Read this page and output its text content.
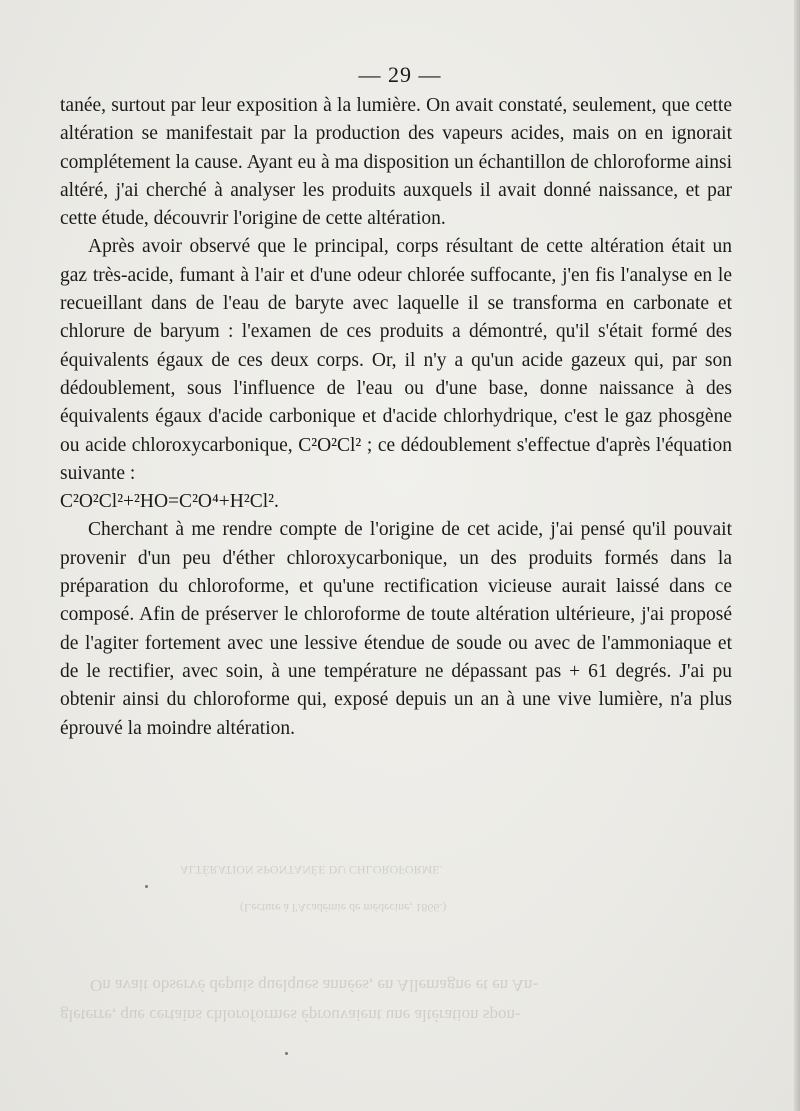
— 29 —

tanée, surtout par leur exposition à la lumière. On avait constaté, seulement, que cette altération se manifestait par la production des vapeurs acides, mais on en ignorait complétement la cause. Ayant eu à ma disposition un échantillon de chloroforme ainsi altéré, j'ai cherché à analyser les produits auxquels il avait donné naissance, et par cette étude, découvrir l'origine de cette altération.

Après avoir observé que le principal, corps résultant de cette altération était un gaz très-acide, fumant à l'air et d'une odeur chlorée suffocante, j'en fis l'analyse en le recueillant dans de l'eau de baryte avec laquelle il se transforma en carbonate et chlorure de baryum : l'examen de ces produits a démontré, qu'il s'était formé des équivalents égaux de ces deux corps. Or, il n'y a qu'un acide gazeux qui, par son dédoublement, sous l'influence de l'eau ou d'une base, donne naissance à des équivalents égaux d'acide carbonique et d'acide chlorhydrique, c'est le gaz phosgène ou acide chloroxycarbonique, C²O²Cl² ; ce dédoublement s'effectue d'après l'équation suivante :

C²O²Cl²+²HO=C²O⁴+H²Cl².

Cherchant à me rendre compte de l'origine de cet acide, j'ai pensé qu'il pouvait provenir d'un peu d'éther chloroxycarbonique, un des produits formés dans la préparation du chloroforme, et qu'une rectification vicieuse aurait laissé dans ce composé. Afin de préserver le chloroforme de toute altération ultérieure, j'ai proposé de l'agiter fortement avec une lessive étendue de soude ou avec de l'ammoniaque et de le rectifier, avec soin, à une température ne dépassant pas + 61 degrés. J'ai pu obtenir ainsi du chloroforme qui, exposé depuis un an à une vive lumière, n'a plus éprouvé la moindre altération.

ALTÉRATION SPONTANÉE DU CHLOROFORME.
(Lecture à l'Académie de médecine, 1866.)
On avait observé depuis quelques années, en Allemagne et en An-
gleterre, que certains chloroformes éprouvaient une altération spon-
